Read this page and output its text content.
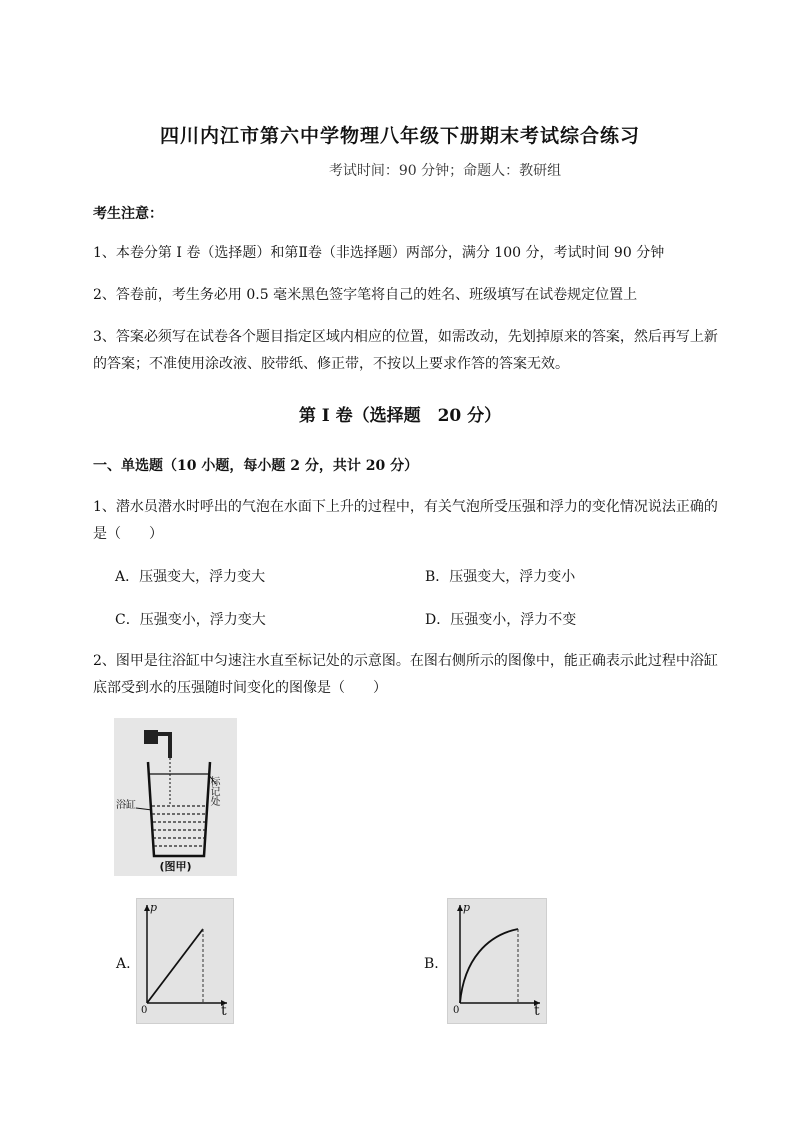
四川内江市第六中学物理八年级下册期末考试综合练习
考试时间：90 分钟；命题人：教研组
考生注意：
1、本卷分第 I 卷（选择题）和第Ⅱ卷（非选择题）两部分，满分 100 分，考试时间 90 分钟
2、答卷前，考生务必用 0.5 毫米黑色签字笔将自己的姓名、班级填写在试卷规定位置上
3、答案必须写在试卷各个题目指定区域内相应的位置，如需改动，先划掉原来的答案，然后再写上新的答案；不准使用涂改液、胶带纸、修正带，不按以上要求作答的答案无效。
第 I 卷（选择题　20 分）
一、单选题（10 小题，每小题 2 分，共计 20 分）
1、潜水员潜水时呼出的气泡在水面下上升的过程中，有关气泡所受压强和浮力的变化情况说法正确的是（　　）
A．压强变大，浮力变大	B．压强变大，浮力变小
C．压强变小，浮力变大	D．压强变小，浮力不变
2、图甲是往浴缸中匀速注水直至标记处的示意图。在图右侧所示的图像中，能正确表示此过程中浴缸底部受到水的压强随时间变化的图像是（　　）
标记处
浴缸
(图甲)
A.
p
t
0
B.
p
t
0
